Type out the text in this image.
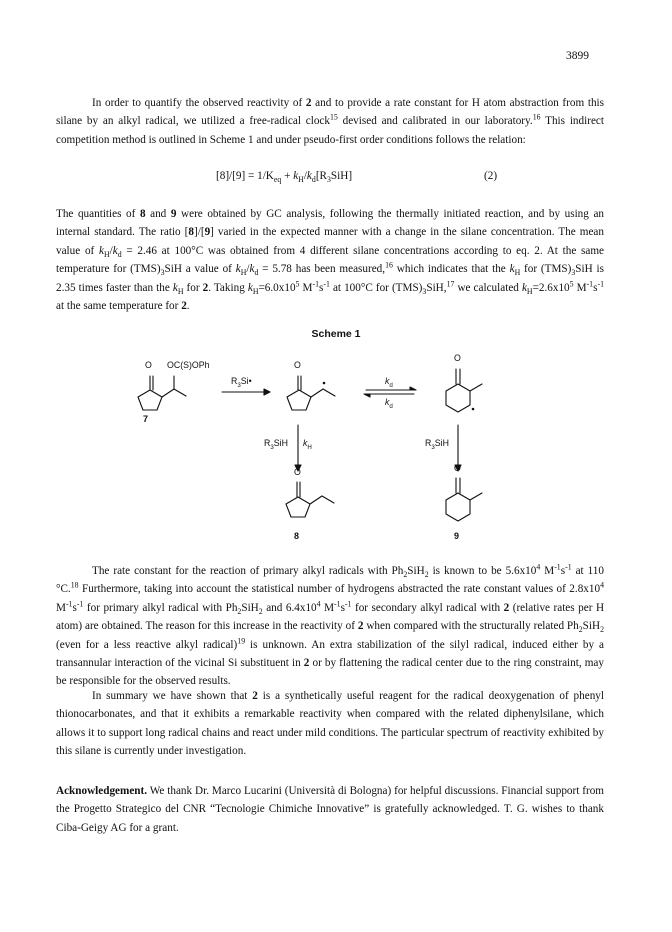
3899
In order to quantify the observed reactivity of 2 and to provide a rate constant for H atom abstraction from this silane by an alkyl radical, we utilized a free-radical clock$^{15}$ devised and calibrated in our laboratory.$^{16}$ This indirect competition method is outlined in Scheme 1 and under pseudo-first order conditions follows the relation:
$[8]/[9] = 1/K_{eq} + k_H/k_d[R_3SiH]$	(2)
The quantities of 8 and 9 were obtained by GC analysis, following the thermally initiated reaction, and by using an internal standard. The ratio [8]/[9] varied in the expected manner with a change in the silane concentration. The mean value of $k_H/k_d = 2.46$ at 100°C was obtained from 4 different silane concentrations according to eq. 2. At the same temperature for $(TMS)_3SiH$ a value of $k_H/k_d = 5.78$ has been measured,$^{16}$ which indicates that the $k_H$ for $(TMS)_3SiH$ is 2.35 times faster than the $k_H$ for 2. Taking $k_H=6.0x10^5$ $M^{-1}s^{-1}$ at 100°C for $(TMS)_3SiH,^{17}$ we calculated $k_H=2.6x10^5$ $M^{-1}s^{-1}$ at the same temperature for 2.
Scheme 1
O OC(S)OPh
$R_3Si•$
O
$k_d$
$k_d$
O
7
$R_3SiH$ $k_H$	$R_3SiH$
O	O
8	9
The rate constant for the reaction of primary alkyl radicals with $Ph_2SiH_2$ is known to be $5.6x10^4$ $M^{-1}s^{-1}$ at 110 °C.$^{18}$ Furthermore, taking into account the statistical number of hydrogens abstracted the rate constant values of $2.8x10^4$ $M^{-1}s^{-1}$ for primary alkyl radical with $Ph_2SiH_2$ and $6.4x10^4$ $M^{-1}s^{-1}$ for secondary alkyl radical with 2 (relative rates per H atom) are obtained. The reason for this increase in the reactivity of 2 when compared with the structurally related $Ph_2SiH_2$ (even for a less reactive alkyl radical)$^{19}$ is unknown. An extra stabilization of the silyl radical, induced either by a transannular interaction of the vicinal Si substituent in 2 or by flattening the radical center due to the ring constraint, may be responsible for the observed results.
In summary we have shown that 2 is a synthetically useful reagent for the radical deoxygenation of phenyl thionocarbonates, and that it exhibits a remarkable reactivity when compared with the related diphenylsilane, which allows it to support long radical chains and react under mild conditions. The particular spectrum of reactivity exhibited by this silane is currently under investigation.
Acknowledgement. We thank Dr. Marco Lucarini (Università di Bologna) for helpful discussions. Financial support from the Progetto Strategico del CNR “Tecnologie Chimiche Innovative” is gratefully acknowledged. T. G. wishes to thank Ciba-Geigy AG for a grant.
